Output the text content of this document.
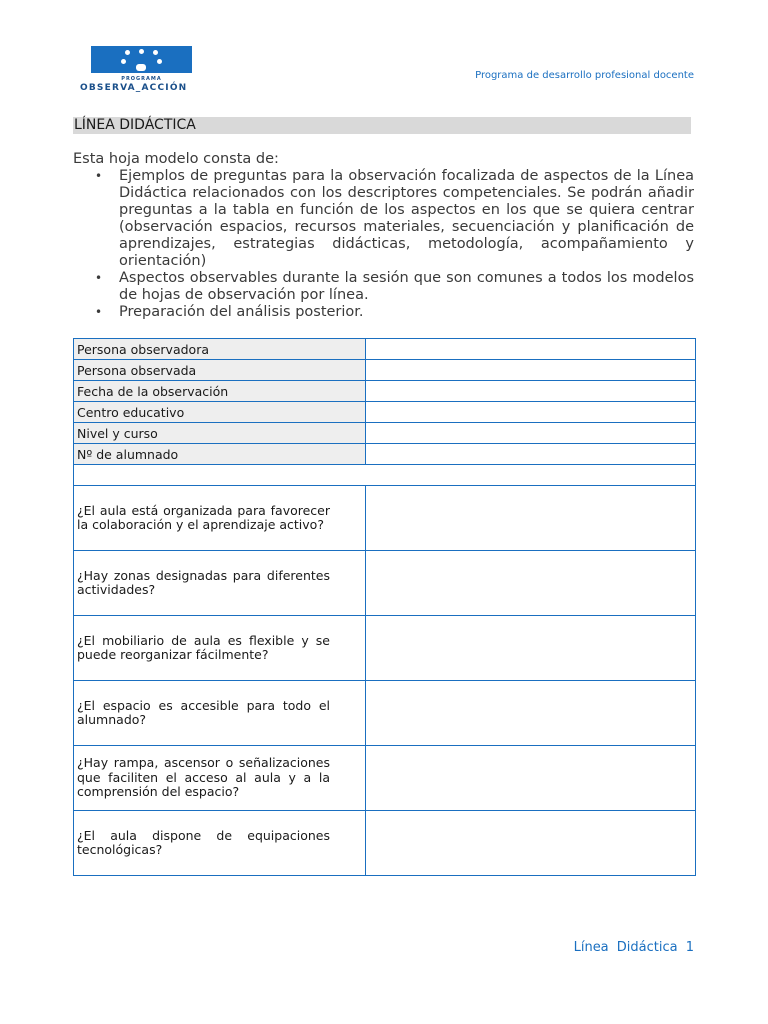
PROGRAMA
OBSERVA_ACCIÓN
Programa de desarrollo profesional docente
LÍNEA DIDÁCTICA

Esta hoja modelo consta de:

• Ejemplos de preguntas para la observación focalizada de aspectos de la Línea Didáctica relacionados con los descriptores competenciales. Se podrán añadir preguntas a la tabla en función de los aspectos en los que se quiera centrar (observación espacios, recursos materiales, secuenciación y planificación de aprendizajes, estrategias didácticas, metodología, acompañamiento y orientación)
• Aspectos observables durante la sesión que son comunes a todos los modelos de hojas de observación por línea.
• Preparación del análisis posterior.
Persona observadora	
Persona observada	
Fecha de la observación	
Centro educativo	
Nivel y curso	
Nº de alumnado	

¿El aula está organizada para favorecer la colaboración y el aprendizaje activo?	

¿Hay zonas designadas para diferentes actividades?	

¿El mobiliario de aula es flexible y se puede reorganizar fácilmente?	

¿El espacio es accesible para todo el alumnado?	

¿Hay rampa, ascensor o señalizaciones que faciliten el acceso al aula y a la comprensión del espacio?	

¿El aula dispone de equipaciones tecnológicas?	

Línea Didáctica 1
